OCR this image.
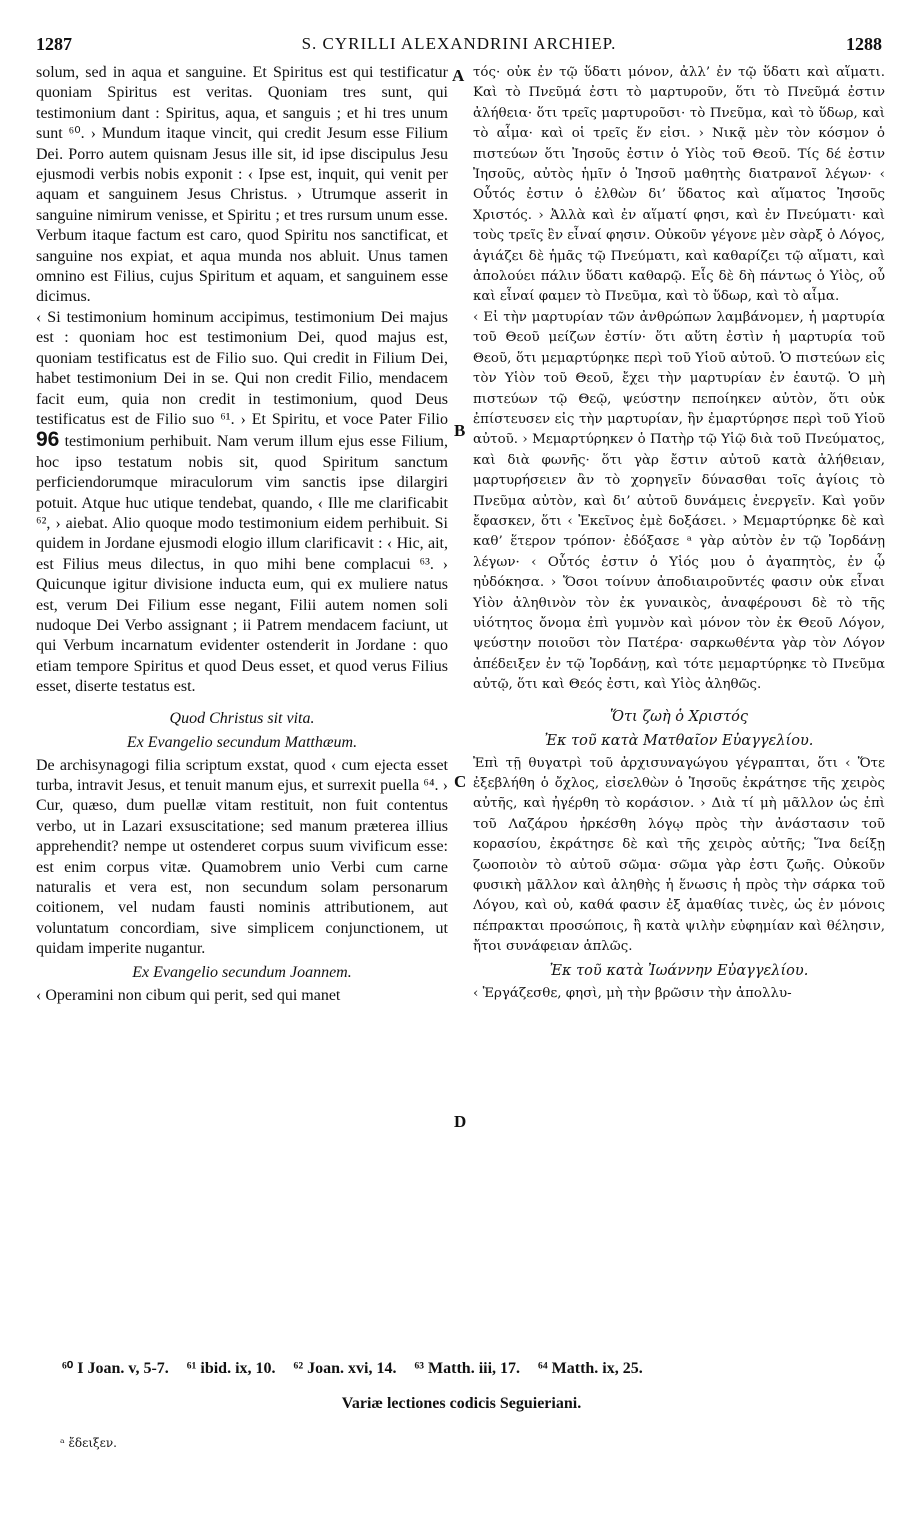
1287	S. CYRILLI ALEXANDRINI ARCHIEP.	1288

solum, sed in aqua et sanguine. Et Spiritus est qui testificatur quoniam Spiritus est veritas. Quoniam tres sunt, qui testimonium dant : Spiritus, aqua, et sanguis ; et hi tres unum sunt ⁶⁰. › Mundum itaque vincit, qui credit Jesum esse Filium Dei. Porro autem quisnam Jesus ille sit, id ipse discipulus Jesu ejusmodi verbis nobis exponit : ‹ Ipse est, inquit, qui venit per aquam et sanguinem Jesus Christus. › Utrumque asserit in sanguine nimirum venisse, et Spiritu ; et tres rursum unum esse. Verbum itaque factum est caro, quod Spiritu nos sanctificat, et sanguine nos expiat, et aqua munda nos abluit. Unus tamen omnino est Filius, cujus Spiritum et aquam, et sanguinem esse dicimus.

‹ Si testimonium hominum accipimus, testimonium Dei majus est : quoniam hoc est testimonium Dei, quod majus est, quoniam testificatus est de Filio suo. Qui credit in Filium Dei, habet testimonium Dei in se. Qui non credit Filio, mendacem facit eum, quia non credit in testimonium, quod Deus testificatus est de Filio suo ⁶¹. › Et Spiritu, et voce Pater Filio 96 testimonium perhibuit. Nam verum illum ejus esse Filium, hoc ipso testatum nobis sit, quod Spiritum sanctum perficiendorumque miraculorum vim sanctis ipse dilargiri potuit. Atque huc utique tendebat, quando, ‹ Ille me clarificabit ⁶², › aiebat. Alio quoque modo testimonium eidem perhibuit. Si quidem in Jordane ejusmodi elogio illum clarificavit : ‹ Hic, ait, est Filius meus dilectus, in quo mihi bene complacui ⁶³. › Quicunque igitur divisione inducta eum, qui ex muliere natus est, verum Dei Filium esse negant, Filii autem nomen soli nudoque Dei Verbo assignant ; ii Patrem mendacem faciunt, ut qui Verbum incarnatum evidenter ostenderit in Jordane : quo etiam tempore Spiritus et quod Deus esset, et quod verus Filius esset, diserte testatus est.

Quod Christus sit vita.
Ex Evangelio secundum Matthæum.

De archisynagogi filia scriptum exstat, quod ‹ cum ejecta esset turba, intravit Jesus, et tenuit manum ejus, et surrexit puella ⁶⁴. › Cur, quæso, dum puellæ vitam restituit, non fuit contentus verbo, ut in Lazari exsuscitatione; sed manum præterea illius apprehendit? nempe ut ostenderet corpus suum vivificum esse: est enim corpus vitæ. Quamobrem unio Verbi cum carne naturalis et vera est, non secundum solam personarum coitionem, vel nudam fausti nominis attributionem, aut voluntatum concordiam, sive simplicem conjunctionem, ut quidam imperite nugantur.

Ex Evangelio secundum Joannem.

‹ Operamini non cibum qui perit, sed qui manet

A
B
C
D

τός· οὐκ ἐν τῷ ὕδατι μόνον, ἀλλ’ ἐν τῷ ὕδατι καὶ αἵματι. Καὶ τὸ Πνεῦμά ἐστι τὸ μαρτυροῦν, ὅτι τὸ Πνεῦμά ἐστιν ἀλήθεια· ὅτι τρεῖς μαρτυροῦσι· τὸ Πνεῦμα, καὶ τὸ ὕδωρ, καὶ τὸ αἷμα· καὶ οἱ τρεῖς ἕν εἰσι. › Νικᾷ μὲν τὸν κόσμον ὁ πιστεύων ὅτι Ἰησοῦς ἐστιν ὁ Υἱὸς τοῦ Θεοῦ. Τίς δέ ἐστιν Ἰησοῦς, αὐτὸς ἡμῖν ὁ Ἰησοῦ μαθητὴς διατρανοῖ λέγων· ‹ Οὗτός ἐστιν ὁ ἐλθὼν δι’ ὕδατος καὶ αἵματος Ἰησοῦς Χριστός. › Ἀλλὰ καὶ ἐν αἵματί φησι, καὶ ἐν Πνεύματι· καὶ τοὺς τρεῖς ἓν εἶναί φησιν. Οὐκοῦν γέγονε μὲν σὰρξ ὁ Λόγος, ἁγιάζει δὲ ἡμᾶς τῷ Πνεύματι, καὶ καθαρίζει τῷ αἵματι, καὶ ἀπολούει πάλιν ὕδατι καθαρῷ. Εἷς δὲ δὴ πάντως ὁ Υἱὸς, οὗ καὶ εἶναί φαμεν τὸ Πνεῦμα, καὶ τὸ ὕδωρ, καὶ τὸ αἷμα.

‹ Εἰ τὴν μαρτυρίαν τῶν ἀνθρώπων λαμβάνομεν, ἡ μαρτυρία τοῦ Θεοῦ μείζων ἐστίν· ὅτι αὕτη ἐστὶν ἡ μαρτυρία τοῦ Θεοῦ, ὅτι μεμαρτύρηκε περὶ τοῦ Υἱοῦ αὐτοῦ. Ὁ πιστεύων εἰς τὸν Υἱὸν τοῦ Θεοῦ, ἔχει τὴν μαρτυρίαν ἐν ἑαυτῷ. Ὁ μὴ πιστεύων τῷ Θεῷ, ψεύστην πεποίηκεν αὐτὸν, ὅτι οὐκ ἐπίστευσεν εἰς τὴν μαρτυρίαν, ἣν ἐμαρτύρησε περὶ τοῦ Υἱοῦ αὐτοῦ. › Μεμαρτύρηκεν ὁ Πατὴρ τῷ Υἱῷ διὰ τοῦ Πνεύματος, καὶ διὰ φωνῆς· ὅτι γὰρ ἔστιν αὐτοῦ κατὰ ἀλήθειαν, μαρτυρήσειεν ἂν τὸ χορηγεῖν δύνασθαι τοῖς ἁγίοις τὸ Πνεῦμα αὐτὸν, καὶ δι’ αὐτοῦ δυνάμεις ἐνεργεῖν. Καὶ γοῦν ἔφασκεν, ὅτι ‹ Ἐκεῖνος ἐμὲ δοξάσει. › Μεμαρτύρηκε δὲ καὶ καθ’ ἕτερον τρόπον· ἐδόξασε ᵃ γὰρ αὐτὸν ἐν τῷ Ἰορδάνῃ λέγων· ‹ Οὗτός ἐστιν ὁ Υἱός μου ὁ ἀγαπητὸς, ἐν ᾧ ηὐδόκησα. › Ὅσοι τοίνυν ἀποδιαιροῦντές φασιν οὐκ εἶναι Υἱὸν ἀληθινὸν τὸν ἐκ γυναικὸς, ἀναφέρουσι δὲ τὸ τῆς υἱότητος ὄνομα ἐπὶ γυμνὸν καὶ μόνον τὸν ἐκ Θεοῦ Λόγον, ψεύστην ποιοῦσι τὸν Πατέρα· σαρκωθέντα γὰρ τὸν Λόγον ἀπέδειξεν ἐν τῷ Ἰορδάνῃ, καὶ τότε μεμαρτύρηκε τὸ Πνεῦμα αὐτῷ, ὅτι καὶ Θεός ἐστι, καὶ Υἱὸς ἀληθῶς.

Ὅτι ζωὴ ὁ Χριστός
Ἐκ τοῦ κατὰ Ματθαῖον Εὐαγγελίου.

Ἐπὶ τῇ θυγατρὶ τοῦ ἀρχισυναγώγου γέγραπται, ὅτι ‹ Ὅτε ἐξεβλήθη ὁ ὄχλος, εἰσελθὼν ὁ Ἰησοῦς ἐκράτησε τῆς χειρὸς αὐτῆς, καὶ ἠγέρθη τὸ κοράσιον. › Διὰ τί μὴ μᾶλλον ὡς ἐπὶ τοῦ Λαζάρου ἠρκέσθη λόγῳ πρὸς τὴν ἀνάστασιν τοῦ κορασίου, ἐκράτησε δὲ καὶ τῆς χειρὸς αὐτῆς; Ἵνα δείξῃ ζωοποιὸν τὸ αὐτοῦ σῶμα· σῶμα γὰρ ἐστι ζωῆς. Οὐκοῦν φυσικὴ μᾶλλον καὶ ἀληθὴς ἡ ἕνωσις ἡ πρὸς τὴν σάρκα τοῦ Λόγου, καὶ οὐ, καθά φασιν ἐξ ἀμαθίας τινὲς, ὡς ἐν μόνοις πέπρακται προσώποις, ἢ κατὰ ψιλὴν εὐφημίαν καὶ θέλησιν, ἤτοι συνάφειαν ἁπλῶς.

Ἐκ τοῦ κατὰ Ἰωάννην Εὐαγγελίου.

‹ Ἐργάζεσθε, φησὶ, μὴ τὴν βρῶσιν τὴν ἀπολλυ-

⁶⁰ I Joan. v, 5-7. ⁶¹ ibid. ix, 10. ⁶² Joan. xvi, 14. ⁶³ Matth. iii, 17. ⁶⁴ Matth. ix, 25.
Variæ lectiones codicis Seguieriani.
ᵃ ἔδειξεν.
